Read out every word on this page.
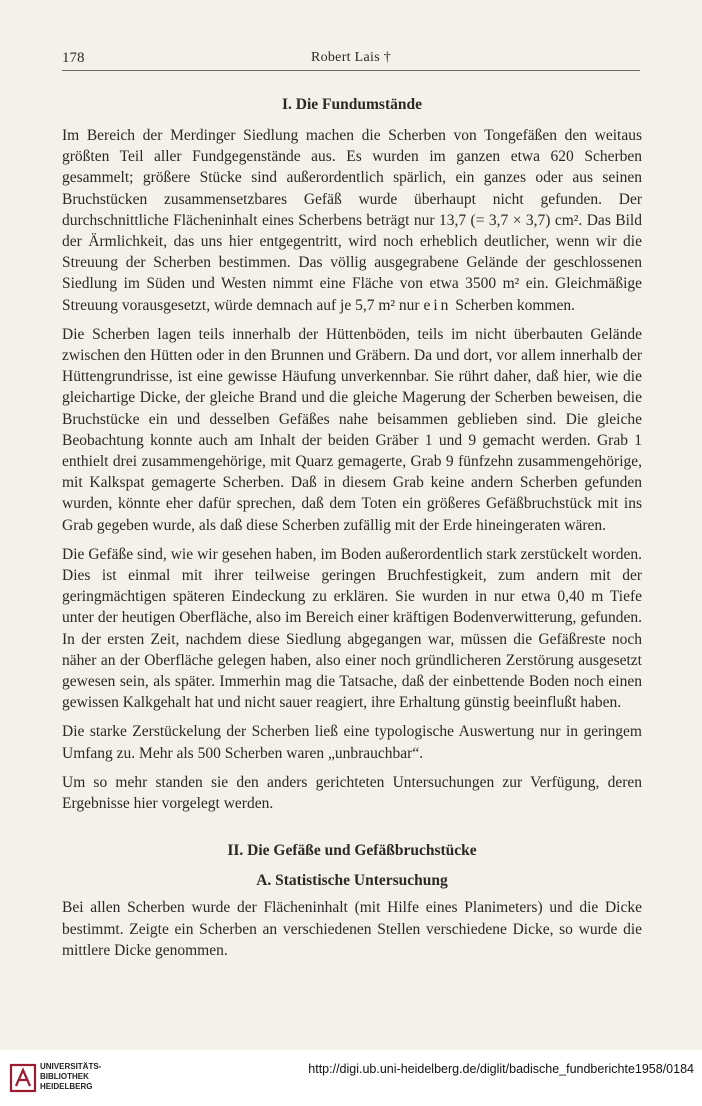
178	Robert Lais †
I. Die Fundumstände

Im Bereich der Merdinger Siedlung machen die Scherben von Tongefäßen den weitaus größten Teil aller Fundgegenstände aus. Es wurden im ganzen etwa 620 Scherben gesammelt; größere Stücke sind außerordentlich spärlich, ein ganzes oder aus seinen Bruchstücken zusammensetzbares Gefäß wurde überhaupt nicht gefunden. Der durchschnittliche Flächeninhalt eines Scherbens beträgt nur 13,7 (= 3,7 × 3,7) cm². Das Bild der Ärmlichkeit, das uns hier entgegentritt, wird noch erheblich deutlicher, wenn wir die Streuung der Scherben bestimmen. Das völlig ausgegrabene Gelände der geschlossenen Siedlung im Süden und Westen nimmt eine Fläche von etwa 3500 m² ein. Gleichmäßige Streuung vorausgesetzt, würde demnach auf je 5,7 m² nur ein Scherben kommen.

Die Scherben lagen teils innerhalb der Hüttenböden, teils im nicht überbauten Gelände zwischen den Hütten oder in den Brunnen und Gräbern. Da und dort, vor allem innerhalb der Hüttengrundrisse, ist eine gewisse Häufung unverkennbar. Sie rührt daher, daß hier, wie die gleichartige Dicke, der gleiche Brand und die gleiche Magerung der Scherben beweisen, die Bruchstücke ein und desselben Gefäßes nahe beisammen geblieben sind. Die gleiche Beobachtung konnte auch am Inhalt der beiden Gräber 1 und 9 gemacht werden. Grab 1 enthielt drei zusammengehörige, mit Quarz gemagerte, Grab 9 fünfzehn zusammengehörige, mit Kalkspat gemagerte Scherben. Daß in diesem Grab keine andern Scherben gefunden wurden, könnte eher dafür sprechen, daß dem Toten ein größeres Gefäßbruchstück mit ins Grab gegeben wurde, als daß diese Scherben zufällig mit der Erde hineingeraten wären.

Die Gefäße sind, wie wir gesehen haben, im Boden außerordentlich stark zerstückelt worden. Dies ist einmal mit ihrer teilweise geringen Bruchfestigkeit, zum andern mit der geringmächtigen späteren Eindeckung zu erklären. Sie wurden in nur etwa 0,40 m Tiefe unter der heutigen Oberfläche, also im Bereich einer kräftigen Bodenverwitterung, gefunden. In der ersten Zeit, nachdem diese Siedlung abgegangen war, müssen die Gefäßreste noch näher an der Oberfläche gelegen haben, also einer noch gründlicheren Zerstörung ausgesetzt gewesen sein, als später. Immerhin mag die Tatsache, daß der einbettende Boden noch einen gewissen Kalkgehalt hat und nicht sauer reagiert, ihre Erhaltung günstig beeinflußt haben.

Die starke Zerstückelung der Scherben ließ eine typologische Auswertung nur in geringem Umfang zu. Mehr als 500 Scherben waren „unbrauchbar“.

Um so mehr standen sie den anders gerichteten Untersuchungen zur Verfügung, deren Ergebnisse hier vorgelegt werden.

II. Die Gefäße und Gefäßbruchstücke
A. Statistische Untersuchung

Bei allen Scherben wurde der Flächeninhalt (mit Hilfe eines Planimeters) und die Dicke bestimmt. Zeigte ein Scherben an verschiedenen Stellen verschiedene Dicke, so wurde die mittlere Dicke genommen.

UNIVERSITÄTS-
BIBLIOTHEK
HEIDELBERG
http://digi.ub.uni-heidelberg.de/diglit/badische_fundberichte1958/0184
